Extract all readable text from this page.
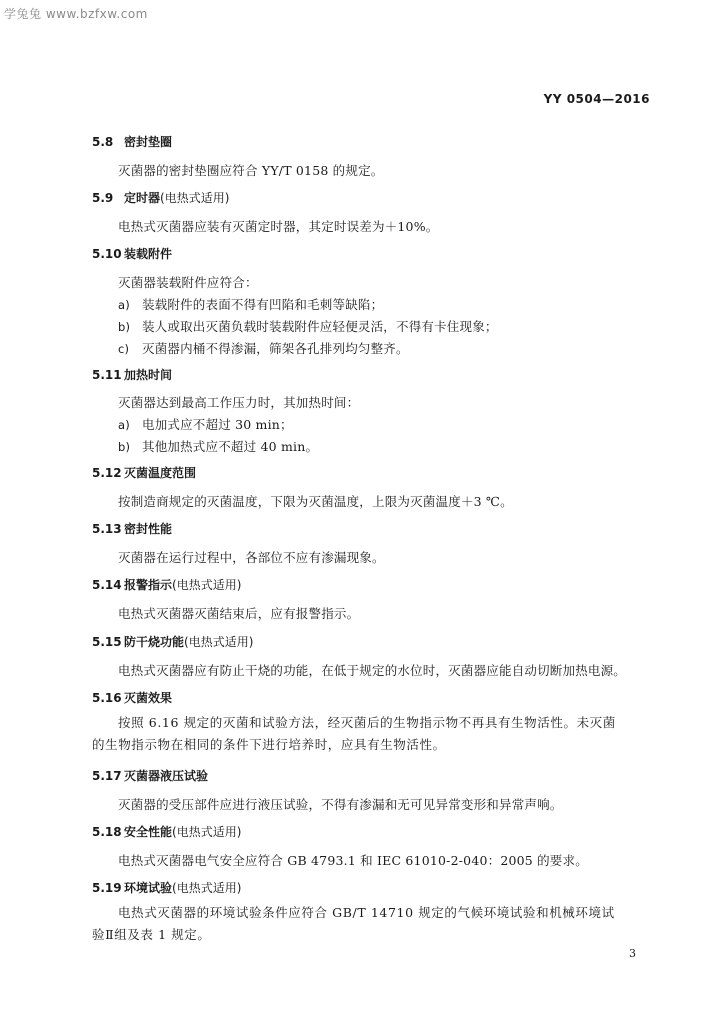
学兔兔 www.bzfxw.com
YY 0504—2016
5.8 密封垫圈
灭菌器的密封垫圈应符合 YY/T 0158 的规定。
5.9 定时器(电热式适用)
电热式灭菌器应装有灭菌定时器，其定时误差为＋10%。
5.10 装载附件
灭菌器装载附件应符合：
a) 装载附件的表面不得有凹陷和毛刺等缺陷；
b) 装人或取出灭菌负载时装载附件应轻便灵活，不得有卡住现象；
c) 灭菌器内桶不得渗漏，筛架各孔排列均匀整齐。
5.11 加热时间
灭菌器达到最高工作压力时，其加热时间：
a) 电加式应不超过 30 min；
b) 其他加热式应不超过 40 min。
5.12 灭菌温度范围
按制造商规定的灭菌温度，下限为灭菌温度，上限为灭菌温度＋3 ℃。
5.13 密封性能
灭菌器在运行过程中，各部位不应有渗漏现象。
5.14 报警指示(电热式适用)
电热式灭菌器灭菌结束后，应有报警指示。
5.15 防干烧功能(电热式适用)
电热式灭菌器应有防止干烧的功能，在低于规定的水位时，灭菌器应能自动切断加热电源。
5.16 灭菌效果
按照 6.16 规定的灭菌和试验方法，经灭菌后的生物指示物不再具有生物活性。未灭菌的生物指示物在相同的条件下进行培养时，应具有生物活性。
5.17 灭菌器液压试验
灭菌器的受压部件应进行液压试验，不得有渗漏和无可见异常变形和异常声响。
5.18 安全性能(电热式适用)
电热式灭菌器电气安全应符合 GB 4793.1 和 IEC 61010-2-040：2005 的要求。
5.19 环境试验(电热式适用)
电热式灭菌器的环境试验条件应符合 GB/T 14710 规定的气候环境试验和机械环境试验Ⅱ组及表 1 规定。
3
